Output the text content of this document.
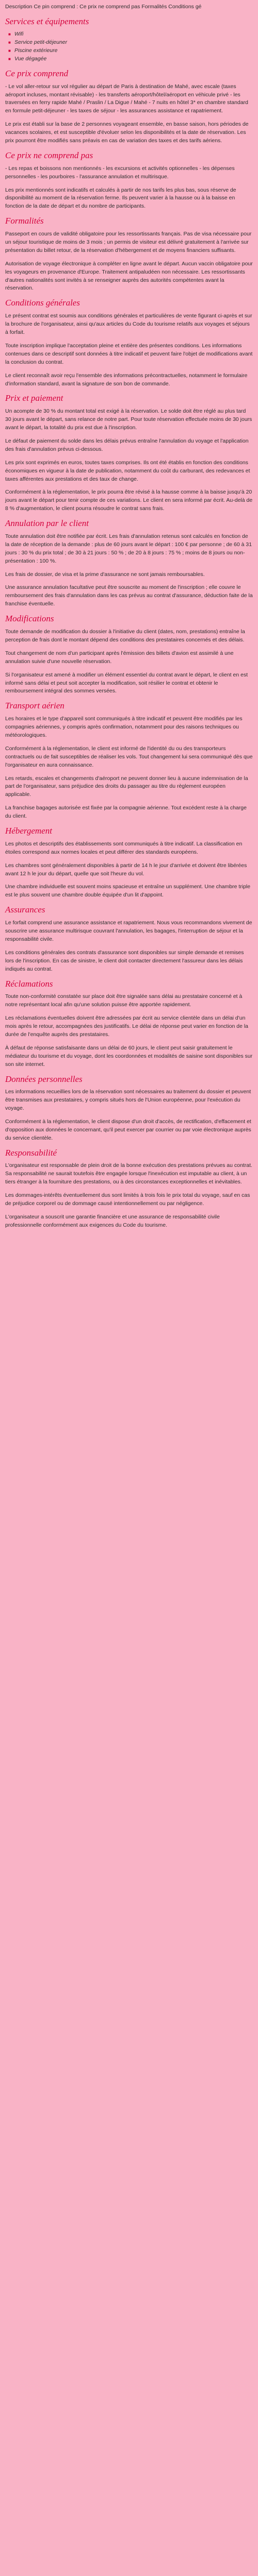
Description Ce pin comprend : Ce prix ne comprend pas Formalités Conditions gé

Services et équipements
■ Wifi
■ Service petit-déjeuner
■ Piscine extérieure
■ Vue dégagée
Ce prix comprend

- Le vol aller-retour sur vol régulier au départ de Paris à destination de Mahé, avec escale (taxes aéroport incluses, montant révisable) - les transferts aéroport/hôtel/aéroport en véhicule privé - les traversées en ferry rapide Mahé / Praslin / La Digue / Mahé - 7 nuits en hôtel 3* en chambre standard en formule petit-déjeuner - les taxes de séjour - les assurances assistance et rapatriement.

Le prix est établi sur la base de 2 personnes voyageant ensemble, en basse saison, hors périodes de vacances scolaires, et est susceptible d'évoluer selon les disponibilités et la date de réservation. Les prix pourront être modifiés sans préavis en cas de variation des taxes et des tarifs aériens.

Ce prix ne comprend pas

- Les repas et boissons non mentionnés - les excursions et activités optionnelles - les dépenses personnelles - les pourboires - l'assurance annulation et multirisque.

Les prix mentionnés sont indicatifs et calculés à partir de nos tarifs les plus bas, sous réserve de disponibilité au moment de la réservation ferme. Ils peuvent varier à la hausse ou à la baisse en fonction de la date de départ et du nombre de participants.

Formalités

Passeport en cours de validité obligatoire pour les ressortissants français. Pas de visa nécessaire pour un séjour touristique de moins de 3 mois ; un permis de visiteur est délivré gratuitement à l'arrivée sur présentation du billet retour, de la réservation d'hébergement et de moyens financiers suffisants.

Autorisation de voyage électronique à compléter en ligne avant le départ. Aucun vaccin obligatoire pour les voyageurs en provenance d'Europe. Traitement antipaludéen non nécessaire. Les ressortissants d'autres nationalités sont invités à se renseigner auprès des autorités compétentes avant la réservation.

Conditions générales

Le présent contrat est soumis aux conditions générales et particulières de vente figurant ci-après et sur la brochure de l'organisateur, ainsi qu'aux articles du Code du tourisme relatifs aux voyages et séjours à forfait.

Toute inscription implique l'acceptation pleine et entière des présentes conditions. Les informations contenues dans ce descriptif sont données à titre indicatif et peuvent faire l'objet de modifications avant la conclusion du contrat.

Le client reconnaît avoir reçu l'ensemble des informations précontractuelles, notamment le formulaire d'information standard, avant la signature de son bon de commande.

Prix et paiement

Un acompte de 30 % du montant total est exigé à la réservation. Le solde doit être réglé au plus tard 30 jours avant le départ, sans relance de notre part. Pour toute réservation effectuée moins de 30 jours avant le départ, la totalité du prix est due à l'inscription.

Le défaut de paiement du solde dans les délais prévus entraîne l'annulation du voyage et l'application des frais d'annulation prévus ci-dessous.

Les prix sont exprimés en euros, toutes taxes comprises. Ils ont été établis en fonction des conditions économiques en vigueur à la date de publication, notamment du coût du carburant, des redevances et taxes afférentes aux prestations et des taux de change.

Conformément à la réglementation, le prix pourra être révisé à la hausse comme à la baisse jusqu'à 20 jours avant le départ pour tenir compte de ces variations. Le client en sera informé par écrit. Au-delà de 8 % d'augmentation, le client pourra résoudre le contrat sans frais.

Annulation par le client

Toute annulation doit être notifiée par écrit. Les frais d'annulation retenus sont calculés en fonction de la date de réception de la demande : plus de 60 jours avant le départ : 100 € par personne ; de 60 à 31 jours : 30 % du prix total ; de 30 à 21 jours : 50 % ; de 20 à 8 jours : 75 % ; moins de 8 jours ou non-présentation : 100 %.

Les frais de dossier, de visa et la prime d'assurance ne sont jamais remboursables.

Une assurance annulation facultative peut être souscrite au moment de l'inscription ; elle couvre le remboursement des frais d'annulation dans les cas prévus au contrat d'assurance, déduction faite de la franchise éventuelle.

Modifications

Toute demande de modification du dossier à l'initiative du client (dates, nom, prestations) entraîne la perception de frais dont le montant dépend des conditions des prestataires concernés et des délais.

Tout changement de nom d'un participant après l'émission des billets d'avion est assimilé à une annulation suivie d'une nouvelle réservation.

Si l'organisateur est amené à modifier un élément essentiel du contrat avant le départ, le client en est informé sans délai et peut soit accepter la modification, soit résilier le contrat et obtenir le remboursement intégral des sommes versées.

Transport aérien

Les horaires et le type d'appareil sont communiqués à titre indicatif et peuvent être modifiés par les compagnies aériennes, y compris après confirmation, notamment pour des raisons techniques ou météorologiques.

Conformément à la réglementation, le client est informé de l'identité du ou des transporteurs contractuels ou de fait susceptibles de réaliser les vols. Tout changement lui sera communiqué dès que l'organisateur en aura connaissance.

Les retards, escales et changements d'aéroport ne peuvent donner lieu à aucune indemnisation de la part de l'organisateur, sans préjudice des droits du passager au titre du règlement européen applicable.

La franchise bagages autorisée est fixée par la compagnie aérienne. Tout excédent reste à la charge du client.

Hébergement

Les photos et descriptifs des établissements sont communiqués à titre indicatif. La classification en étoiles correspond aux normes locales et peut différer des standards européens.

Les chambres sont généralement disponibles à partir de 14 h le jour d'arrivée et doivent être libérées avant 12 h le jour du départ, quelle que soit l'heure du vol.

Une chambre individuelle est souvent moins spacieuse et entraîne un supplément. Une chambre triple est le plus souvent une chambre double équipée d'un lit d'appoint.

Assurances

Le forfait comprend une assurance assistance et rapatriement. Nous vous recommandons vivement de souscrire une assurance multirisque couvrant l'annulation, les bagages, l'interruption de séjour et la responsabilité civile.

Les conditions générales des contrats d'assurance sont disponibles sur simple demande et remises lors de l'inscription. En cas de sinistre, le client doit contacter directement l'assureur dans les délais indiqués au contrat.

Réclamations

Toute non-conformité constatée sur place doit être signalée sans délai au prestataire concerné et à notre représentant local afin qu'une solution puisse être apportée rapidement.

Les réclamations éventuelles doivent être adressées par écrit au service clientèle dans un délai d'un mois après le retour, accompagnées des justificatifs. Le délai de réponse peut varier en fonction de la durée de l'enquête auprès des prestataires.

À défaut de réponse satisfaisante dans un délai de 60 jours, le client peut saisir gratuitement le médiateur du tourisme et du voyage, dont les coordonnées et modalités de saisine sont disponibles sur son site internet.

Données personnelles

Les informations recueillies lors de la réservation sont nécessaires au traitement du dossier et peuvent être transmises aux prestataires, y compris situés hors de l'Union européenne, pour l'exécution du voyage.

Conformément à la réglementation, le client dispose d'un droit d'accès, de rectification, d'effacement et d'opposition aux données le concernant, qu'il peut exercer par courrier ou par voie électronique auprès du service clientèle.

Responsabilité

L'organisateur est responsable de plein droit de la bonne exécution des prestations prévues au contrat. Sa responsabilité ne saurait toutefois être engagée lorsque l'inexécution est imputable au client, à un tiers étranger à la fourniture des prestations, ou à des circonstances exceptionnelles et inévitables.

Les dommages-intérêts éventuellement dus sont limités à trois fois le prix total du voyage, sauf en cas de préjudice corporel ou de dommage causé intentionnellement ou par négligence.

L'organisateur a souscrit une garantie financière et une assurance de responsabilité civile professionnelle conformément aux exigences du Code du tourisme.
